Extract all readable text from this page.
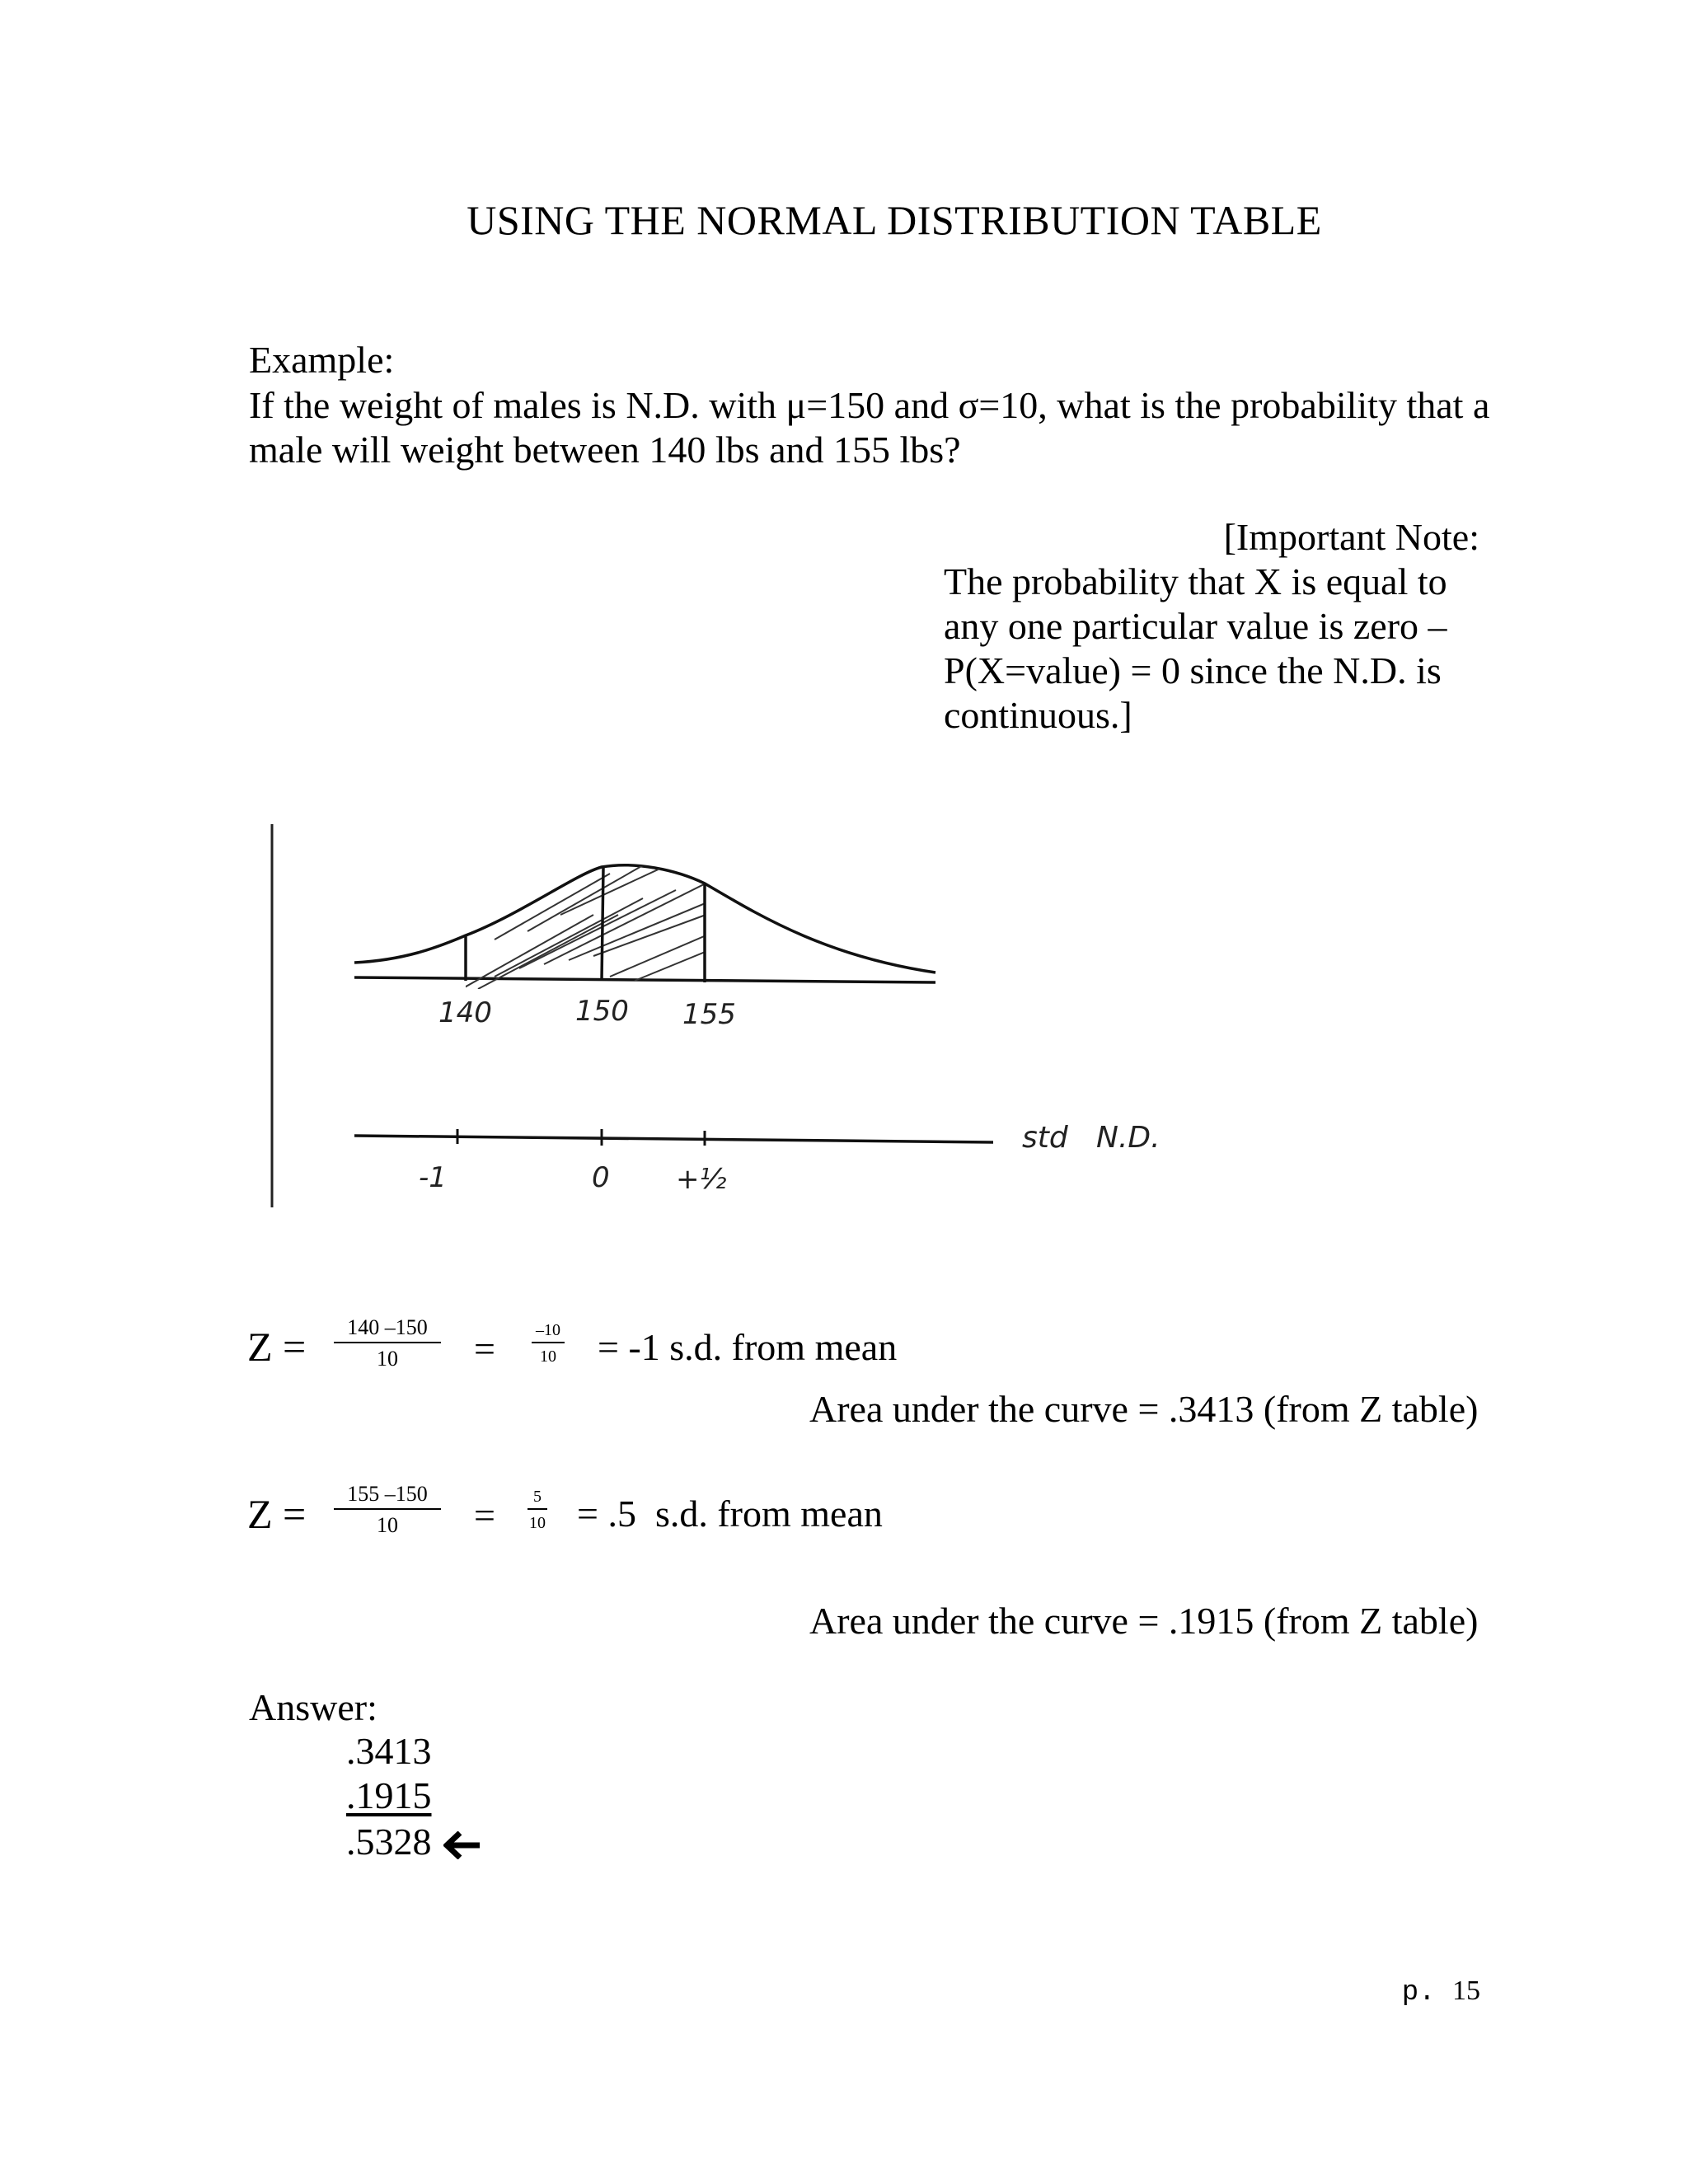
USING THE NORMAL DISTRIBUTION TABLE
Example:
If the weight of males is N.D. with μ=150 and σ=10, what is the probability that a male will weight between 140 lbs and 155 lbs?
[Important Note:
The probability that X is equal to
any one particular value is zero –
P(X=value) = 0 since the N.D. is
continuous.]
140	150 155
-1	0 +½
std   N.D.
$Z = \frac{140 -150}{10} = \frac{-10}{10} = -1$ s.d. from mean
Area under the curve = .3413 (from Z table)
$Z = \frac{155 -150}{10} = \frac{5}{10} = .5$  s.d. from mean
Area under the curve = .1915 (from Z table)
Answer:
.3413
.1915
.5328
p. 15
